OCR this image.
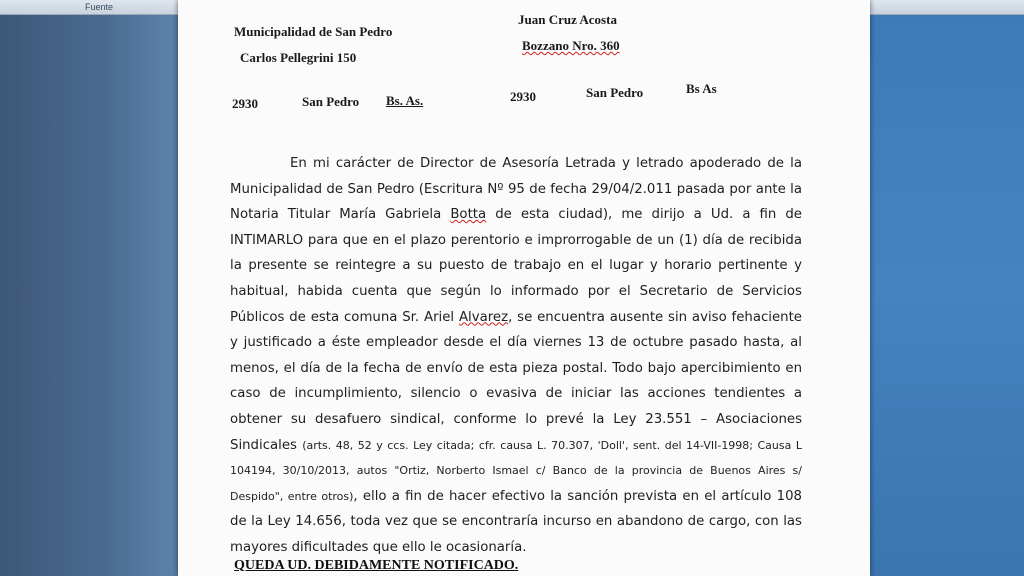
Fuente
Municipalidad de San Pedro
Carlos Pellegrini 150
Juan Cruz Acosta
Bozzano Nro. 360
2930	San Pedro Bs. As.	2930	San Pedro	Bs As

En mi carácter de Director de Asesoría Letrada y letrado apoderado de la Municipalidad de San Pedro (Escritura Nº 95 de fecha 29/04/2.011 pasada por ante la Notaria Titular María Gabriela Botta de esta ciudad), me dirijo a Ud. a fin de INTIMARLO para que en el plazo perentorio e improrrogable de un (1) día de recibida la presente se reintegre a su puesto de trabajo en el lugar y horario pertinente y habitual, habida cuenta que según lo informado por el Secretario de Servicios Públicos de esta comuna Sr. Ariel Alvarez, se encuentra ausente sin aviso fehaciente y justificado a éste empleador desde el día viernes 13 de octubre pasado hasta, al menos, el día de la fecha de envío de esta pieza postal. Todo bajo apercibimiento en caso de incumplimiento, silencio o evasiva de iniciar las acciones tendientes a obtener su desafuero sindical, conforme lo prevé la Ley 23.551 – Asociaciones Sindicales (arts. 48, 52 y ccs. Ley citada; cfr. causa L. 70.307, 'Doll', sent. del 14-VII-1998; Causa L 104194, 30/10/2013, autos "Ortiz, Norberto Ismael c/ Banco de la provincia de Buenos Aires s/ Despido", entre otros), ello a fin de hacer efectivo la sanción prevista en el artículo 108 de la Ley 14.656, toda vez que se encontraría incurso en abandono de cargo, con las mayores dificultades que ello le ocasionaría.

QUEDA UD. DEBIDAMENTE NOTIFICADO.
